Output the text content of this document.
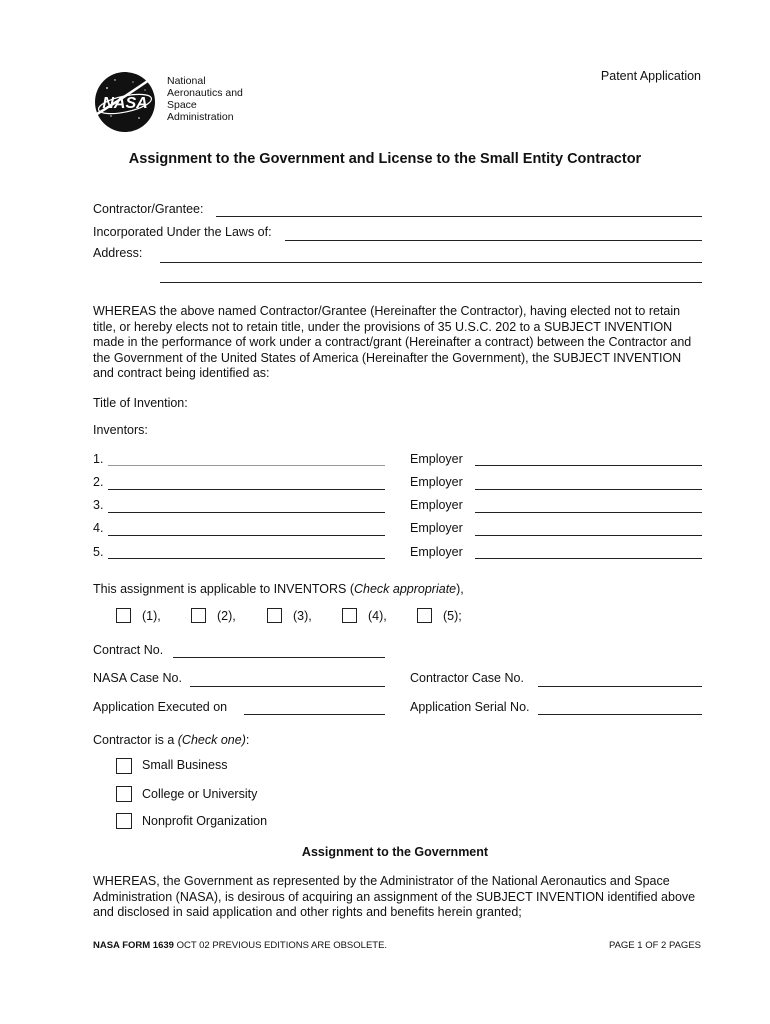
NASA
National
Aeronautics and
Space
Administration
Patent Application
Assignment to the Government and License to the Small Entity Contractor
Contractor/Grantee:
Incorporated Under the Laws of:
Address:
WHEREAS the above named Contractor/Grantee (Hereinafter the Contractor), having elected not to retain title, or hereby elects not to retain title, under the provisions of 35 U.S.C. 202 to a SUBJECT INVENTION made in the performance of work under a contract/grant (Hereinafter a contract) between the Contractor and the Government of the United States of America (Hereinafter the Government), the SUBJECT INVENTION and contract being identified as:
Title of Invention:
Inventors:
1.	Employer
2.	Employer
3.	Employer
4.	Employer
5.	Employer
This assignment is applicable to INVENTORS (Check appropriate),
(1),	(2),	(3),	(4),	(5);
Contract No.
NASA Case No.	Contractor Case No.
Application Executed on	Application Serial No.
Contractor is a (Check one):
Small Business
College or University
Nonprofit Organization
Assignment to the Government
WHEREAS, the Government as represented by the Administrator of the National Aeronautics and Space Administration (NASA), is desirous of acquiring an assignment of the SUBJECT INVENTION identified above and disclosed in said application and other rights and benefits herein granted;
NASA FORM 1639 OCT 02 PREVIOUS EDITIONS ARE OBSOLETE.	PAGE 1 OF 2 PAGES
